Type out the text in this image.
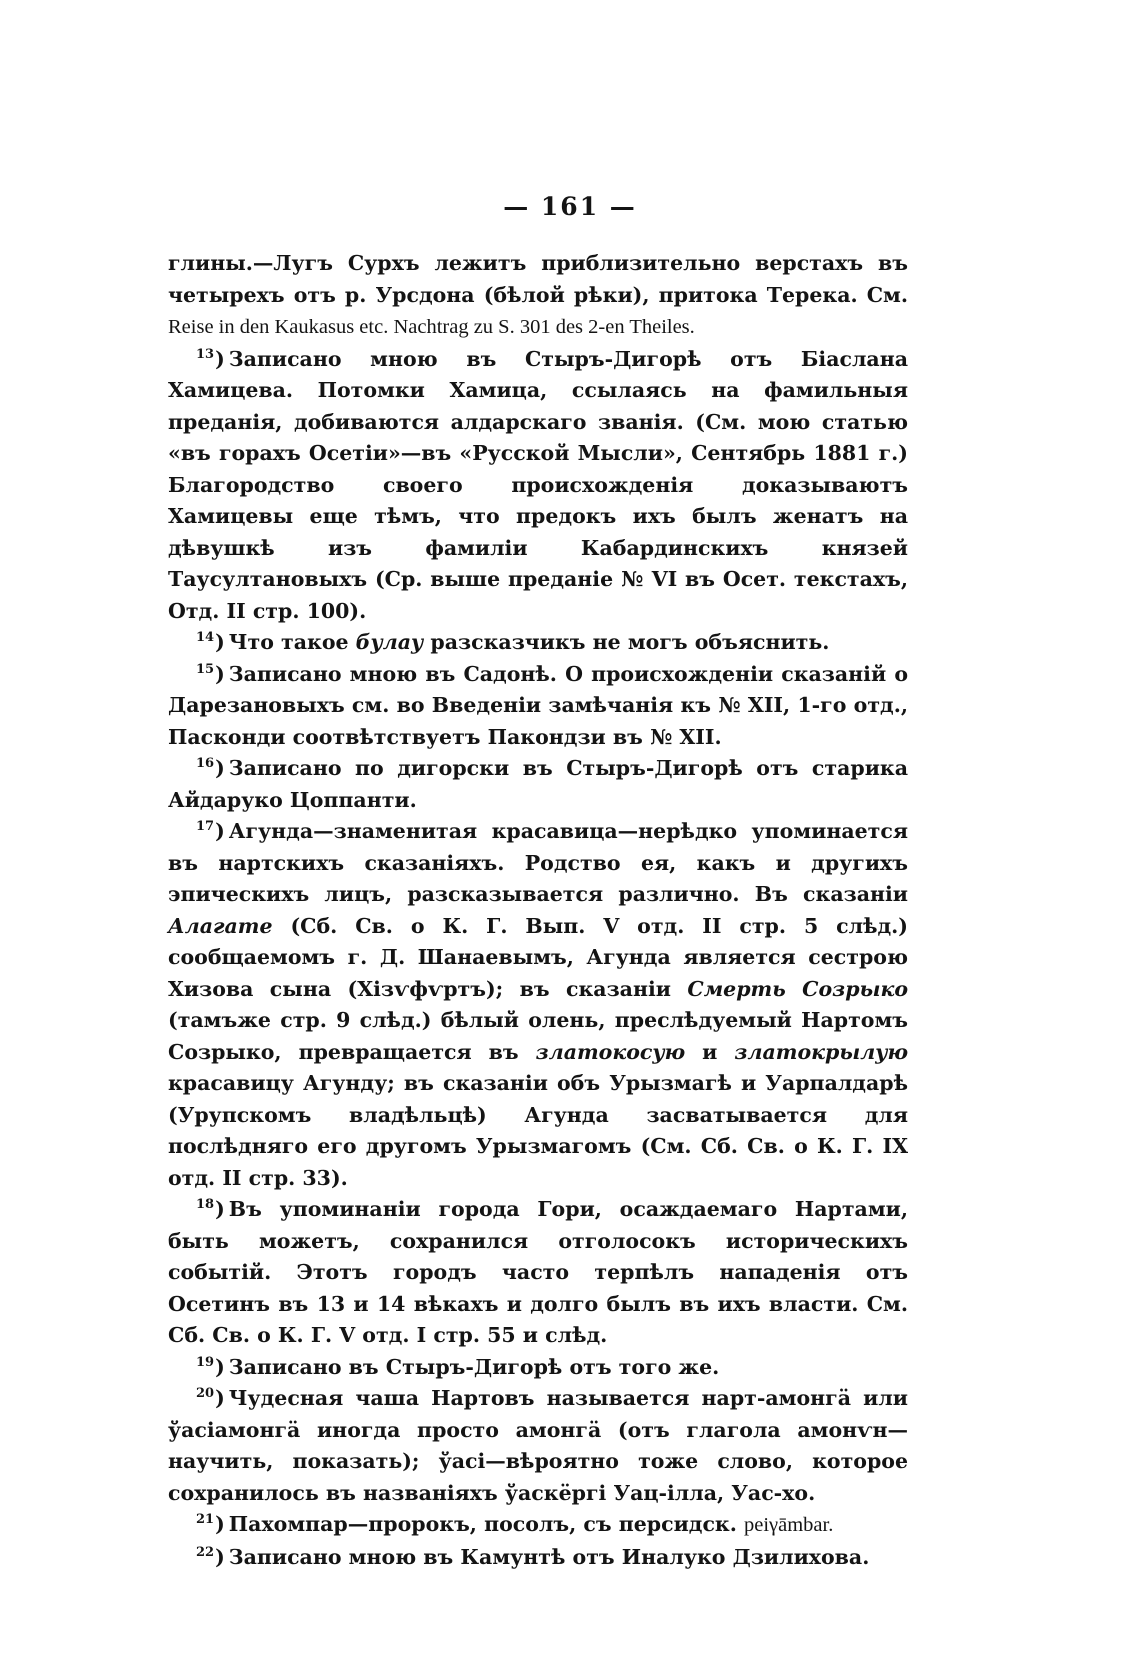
— 161 —

глины.—Лугъ Сурхъ лежитъ приблизительно верстахъ въ четырехъ отъ р. Урсдона (бѣлой рѣки), притока Терека. См. Reise in den Kaukasus etc. Nachtrag zu S. 301 des 2-en Theiles.

$^{13}$) Записано мною въ Стыръ-Дигорѣ отъ Біаслана Хамицева. Потомки Хамица, ссылаясь на фамильныя преданія, добиваются алдарскаго званія. (См. мою статью «въ горахъ Осетіи»—въ «Русской Мысли», Сентябрь 1881 г.) Благородство своего происхожденія доказываютъ Хамицевы еще тѣмъ, что предокъ ихъ былъ женатъ на дѣвушкѣ изъ фамиліи Кабардинскихъ князей Таусултановыхъ (Ср. выше преданіе № VI въ Осет. текстахъ, Отд. II стр. 100).

$^{14}$) Что такое булау разсказчикъ не могъ объяснить.

$^{15}$) Записано мною въ Садонѣ. О происхожденіи сказаній о Дарезановыхъ см. во Введеніи замѣчанія къ № XII, 1-го отд., Пасконди соотвѣтствуетъ Пакондзи въ № XII.

$^{16}$) Записано по дигорски въ Стыръ-Дигорѣ отъ старика Айдаруко Цоппанти.

$^{17}$) Агунда—знаменитая красавица—нерѣдко упоминается въ нартскихъ сказаніяхъ. Родство ея, какъ и другихъ эпическихъ лицъ, разсказывается различно. Въ сказаніи Алагате (Сб. Св. о К. Г. Вып. V отд. II стр. 5 слѣд.) сообщаемомъ г. Д. Шанаевымъ, Агунда является сестрою Хизова сына (Хізѵфѵртъ); въ сказаніи Смерть Созрыко (тамъже стр. 9 слѣд.) бѣлый олень, преслѣдуемый Нартомъ Созрыко, превращается въ златокосую и златокрылую красавицу Агунду; въ сказаніи объ Урызмагѣ и Уарпалдарѣ (Урупскомъ владѣльцѣ) Агунда засватывается для послѣдняго его другомъ Урызмагомъ (См. Сб. Св. о К. Г. IX отд. II стр. 33).

$^{18}$) Въ упоминаніи города Гори, осаждаемаго Нартами, быть можетъ, сохранился отголосокъ историческихъ событій. Этотъ городъ часто терпѣлъ нападенія отъ Осетинъ въ 13 и 14 вѣкахъ и долго былъ въ ихъ власти. См. Сб. Св. о К. Г. V отд. I стр. 55 и слѣд.

$^{19}$) Записано въ Стыръ-Дигорѣ отъ того же.

$^{20}$) Чудесная чаша Нартовъ называется нарт-амонгä или ўасіамонгä иногда просто амонгä (отъ глагола амонѵн—научить, показать); ўасі—вѣроятно тоже слово, которое сохранилось въ названіяхъ ўаскёргі Уац-ілла, Уас-хо.

$^{21}$) Пахомпар—пророкъ, посолъ, съ персидск. peiγāmbar.

$^{22}$) Записано мною въ Камунтѣ отъ Иналуко Дзилихова.
